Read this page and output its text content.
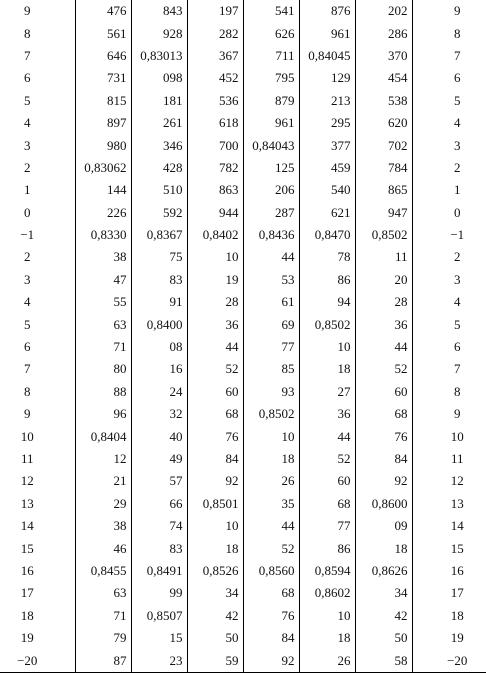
9	476	843	197	541	876	202	9
8	561	928	282	626	961	286	8
7	646	0,83013	367	711	0,84045	370	7
6	731	098	452	795	129	454	6
5	815	181	536	879	213	538	5
4	897	261	618	961	295	620	4
3	980	346	700	0,84043	377	702	3
2	0,83062	428	782	125	459	784	2
1	144	510	863	206	540	865	1
0	226	592	944	287	621	947	0
−1	0,8330	0,8367	0,8402	0,8436	0,8470	0,8502	−1
2	38	75	10	44	78	11	2
3	47	83	19	53	86	20	3
4	55	91	28	61	94	28	4
5	63	0,8400	36	69	0,8502	36	5
6	71	08	44	77	10	44	6
7	80	16	52	85	18	52	7
8	88	24	60	93	27	60	8
9	96	32	68	0,8502	36	68	9
10	0,8404	40	76	10	44	76	10
11	12	49	84	18	52	84	11
12	21	57	92	26	60	92	12
13	29	66	0,8501	35	68	0,8600	13
14	38	74	10	44	77	09	14
15	46	83	18	52	86	18	15
16	0,8455	0,8491	0,8526	0,8560	0,8594	0,8626	16
17	63	99	34	68	0,8602	34	17
18	71	0,8507	42	76	10	42	18
19	79	15	50	84	18	50	19
−20	87	23	59	92	26	58	−20
